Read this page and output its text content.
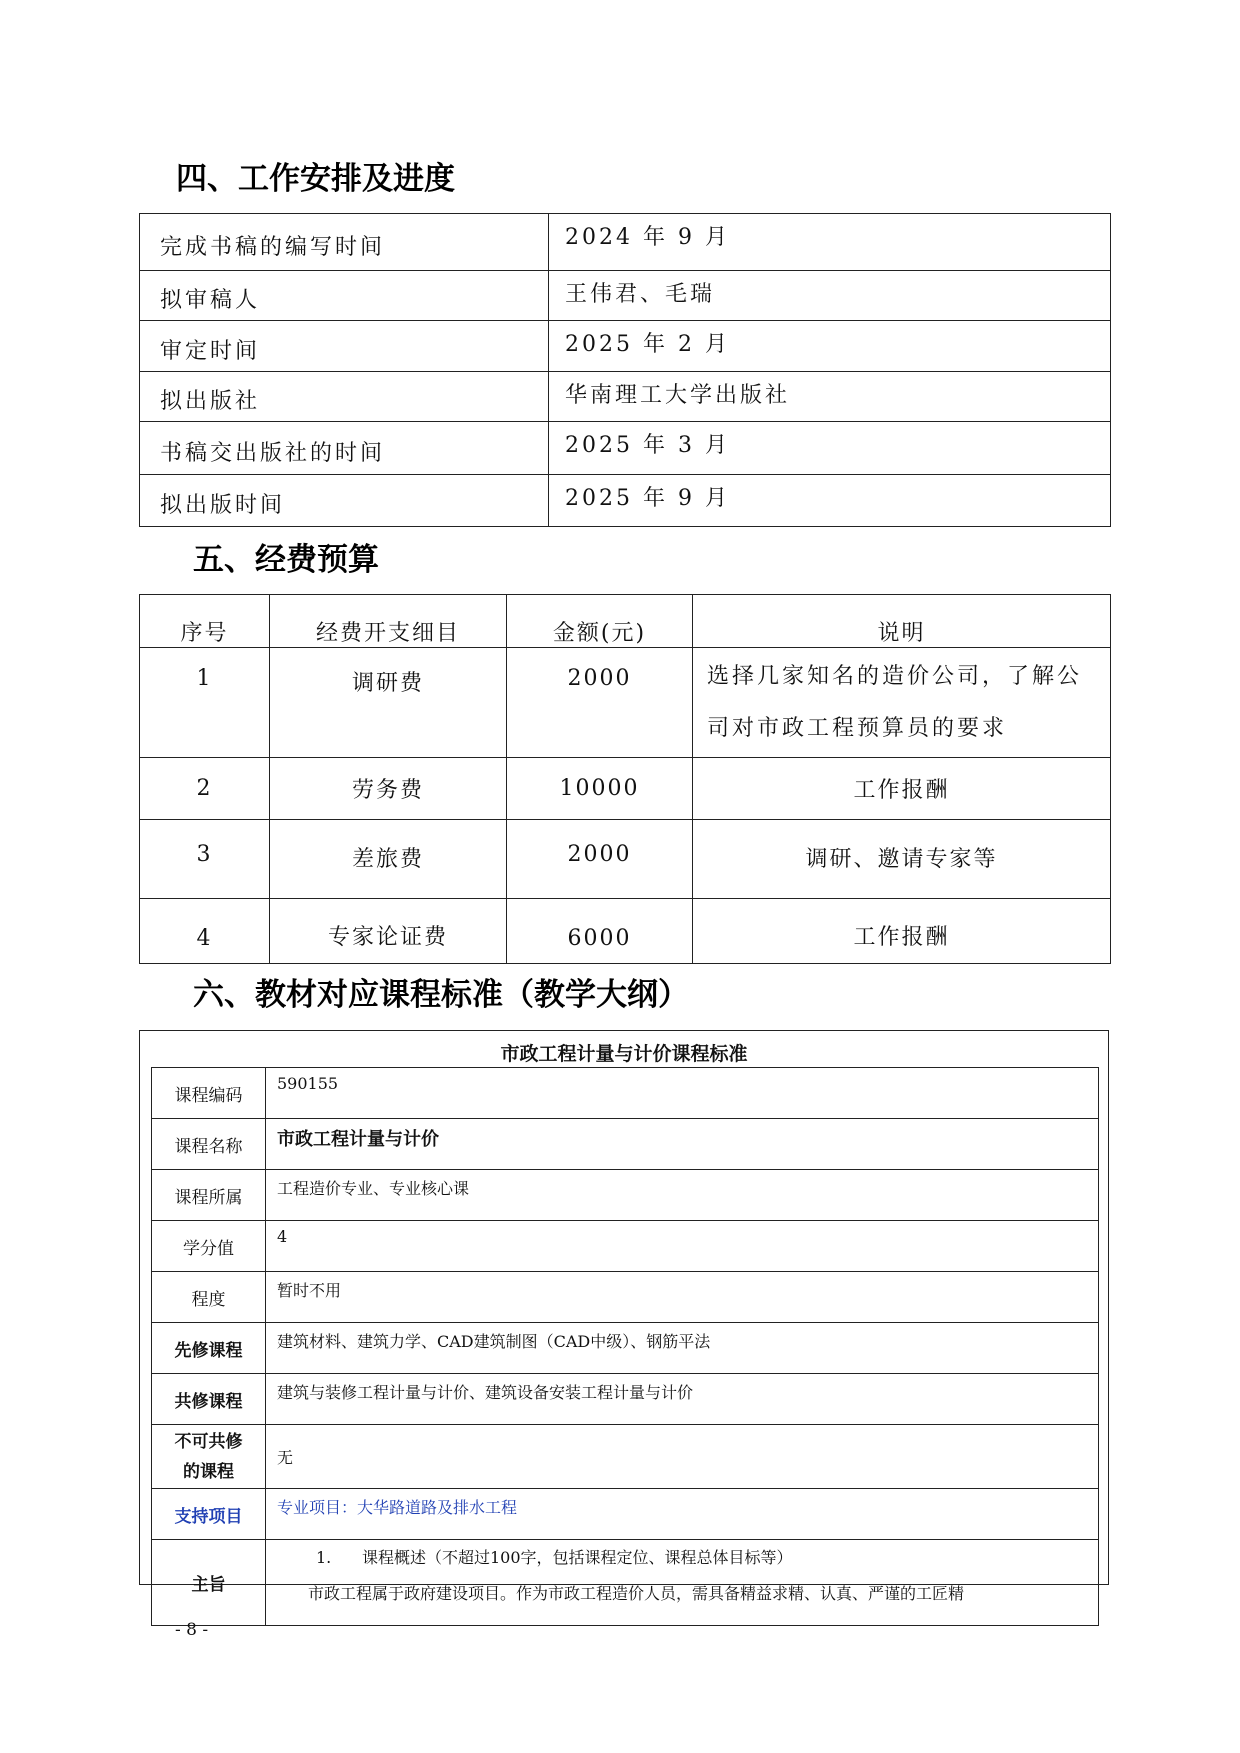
四、工作安排及进度
完成书稿的编写时间	2024 年 9 月
拟审稿人	王伟君、毛瑞
审定时间	2025 年 2 月
拟出版社	华南理工大学出版社
书稿交出版社的时间	2025 年 3 月
拟出版时间	2025 年 9 月
五、经费预算
序号	经费开支细目	金额(元)	说明
1	调研费	2000	选择几家知名的造价公司，了解公司对市政工程预算员的要求
2	劳务费	10000	工作报酬
3	差旅费	2000	调研、邀请专家等
4	专家论证费	6000	工作报酬
六、教材对应课程标准（教学大纲）
市政工程计量与计价课程标准
课程编码	590155
课程名称	市政工程计量与计价
课程所属	工程造价专业、专业核心课
学分值	4
程度	暂时不用
先修课程	建筑材料、建筑力学、CAD建筑制图（CAD中级）、钢筋平法
共修课程	建筑与装修工程计量与计价、建筑设备安装工程计量与计价

不可共修
的课程	无
支持项目	专业项目：大华路道路及排水工程
主旨	1. 课程概述（不超过100字，包括课程定位、课程总体目标等）
市政工程属于政府建设项目。作为市政工程造价人员，需具备精益求精、认真、严谨的工匠精
- 8 -
